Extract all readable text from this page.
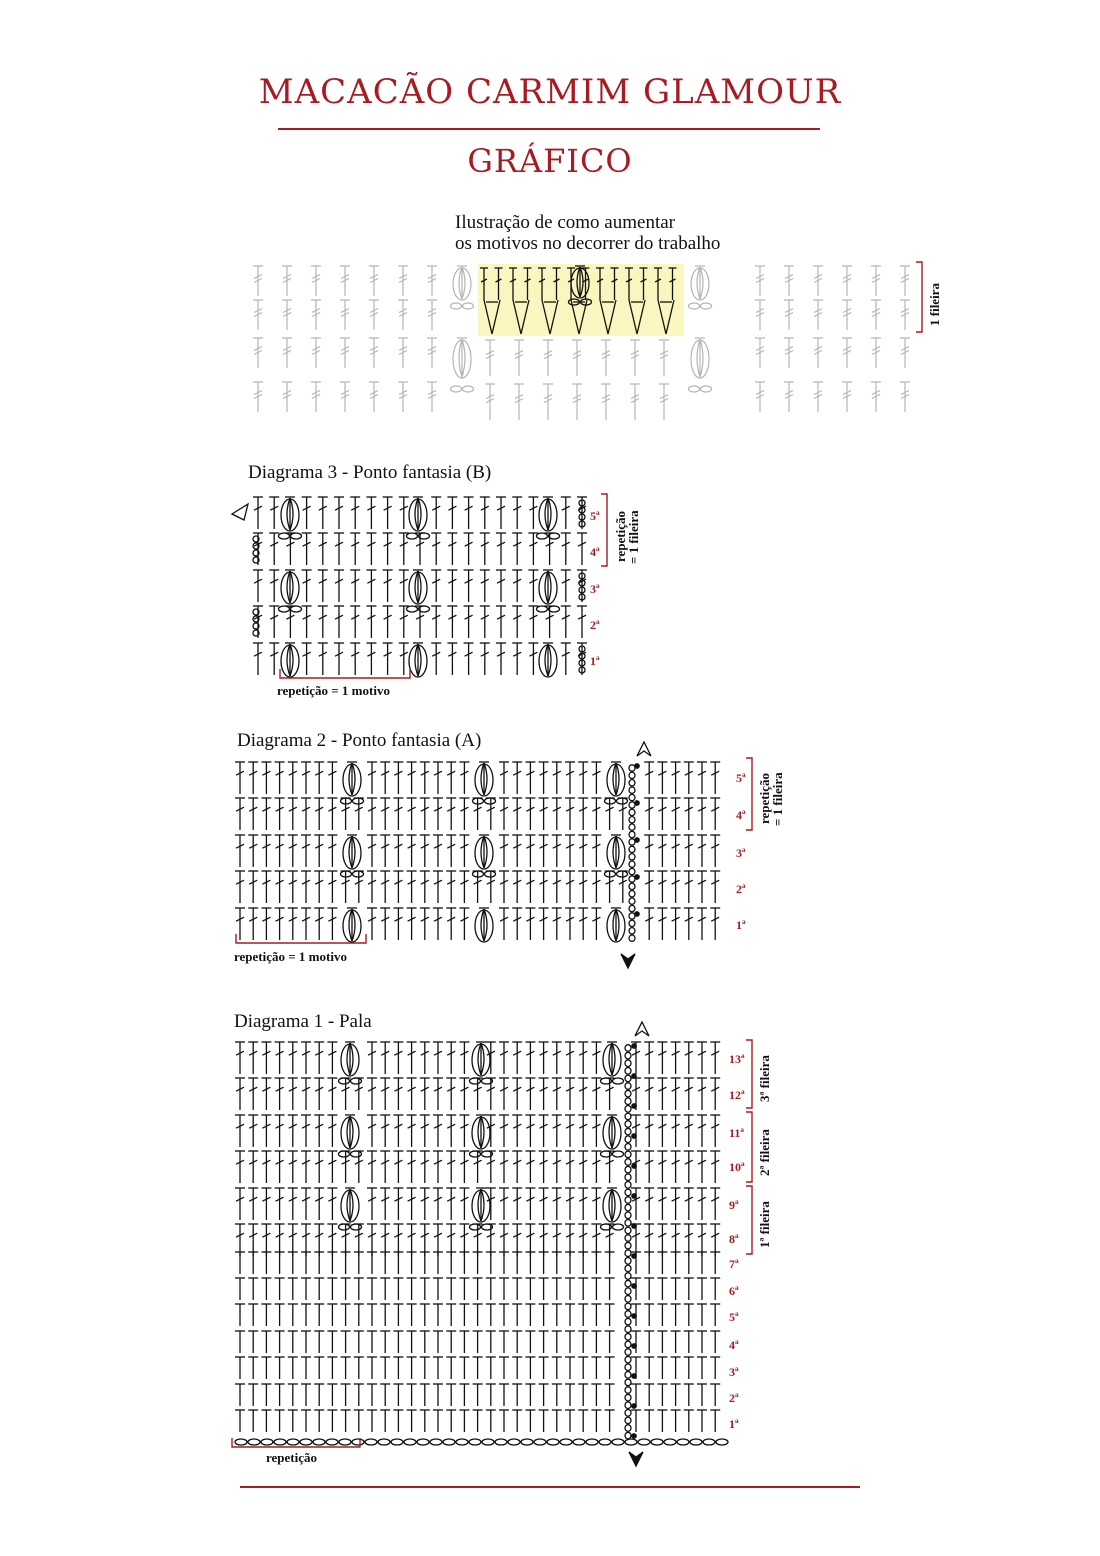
MACACÃO CARMIM GLAMOUR
GRÁFICO
Ilustração de como aumentar
os motivos no decorrer do trabalho
1 fileira
Diagrama 3 - Ponto fantasia (B)
5ª
4ª
3ª
2ª
1ª
repetição
= 1 fileira
repetição = 1 motivo
Diagrama 2 - Ponto fantasia (A)
5ª
4ª
3ª
2ª
1ª
repetição
= 1 fileira
repetição = 1 motivo
Diagrama 1 - Pala
13ª
12ª
11ª
10ª
9ª
8ª
7ª
6ª
5ª
4ª
3ª
2ª
1ª
3ª fileira
2ª fileira
1ª fileira
repetição
